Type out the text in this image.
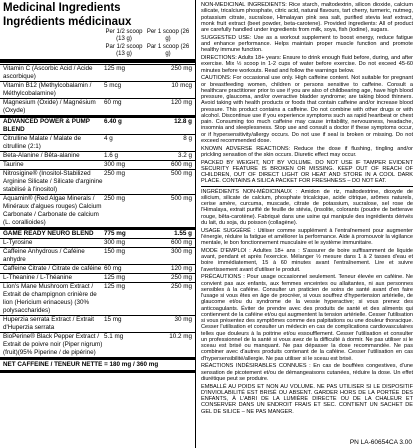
Medicinal Ingredients
Ingrédients médicinaux
Per 1/2 scoop (13 g)
Per 1 scoop (26 g)
Par 1/2 scoop (13 g)
Par 1 scoop (26 g)
Vitamin C (Ascorbic Acid / Acide ascorbique)
125 mg	250 mg
Vitamin B12 (Methylcobalamin / Méthylcobalamine)
5 mcg	10 mcg
Magnesium (Oxide) / Magnésium (Oxyde)
60 mg	120 mg
ADVANCED POWER & PUMP BLEND
6.40 g	12.8 g
Citrulline Malate / Malate de citrulline (2:1)
4 g	8 g
Beta-Alanine / Bêta-alanine	1.6 g	3.2 g
Taurine	300 mg	600 mg
Nitrosigine® (Inositol-Stabilized Arginine Silicate / Silicate d'arginine stabilisé à l'inositol)
250 mg	500 mg
Aquamin® (Red Algae Minerals / Minéraux d'algues rouges) Calcium Carbonate / Carbonate de calcium (L. corallioides)
250 mg	500 mg
GAME READY NEURO BLEND	775 mg	1.55 g
L-Tyrosine	300 mg	600 mg
Caffeine Anhydrous / Caféine anhydre
150 mg	300 mg
Caffeine Citrate / Citrate de caféine 60 mg	120 mg
L-Theanine / L-Théanine	125 mg	250 mg
Lion's Mane Mushroom Extract / Extrait de champignon crinière de lion (Hericium erinaceus) (30% polysaccharides)
125 mg	250 mg
Huperzia serrata Extract / Extrait d'Huperzia serrata
15 mg	30 mg
BioPerine® Black Pepper Extract / Extrait de poivre noir (Piper nigrum)(fruit)(95% Piperine / de pipérine)
5.1 mg	10.2 mg
NET CAFFEINE / TENEUR NETTE = 180 mg / 360 mg
NON-MEDICINAL INGREDIENTS: Rice starch, maltodextrin, silicon dioxide, calcium silicate, tricalcium phosphate, citric acid, natural flavours, tart cherry, turmeric, nutmeg, potassium citrate, sucralose, Himalayan pink sea salt, purified stevia leaf extract, monk fruit extract (beet powder, beta-carotene). Provided ingredients: All of product are carefully handled under ingredients from milk, soya, fish (iodine), sugars.
SUGGESTED USE: Use as a workout supplement to boost energy, reduce fatigue and enhance performance. Helps maintain proper muscle function and promote healthy immune function.
DIRECTIONS: Adults 18+ years: Ensure to drink enough fluid before, during, and after exercise. Mix ½ scoop in 1-2 cups of water before exercise. Do not exceed 45-60 minutes before workouts. Read and follow the warnings below.
CAUTIONS: For occasional use only. High caffeine content. Not suitable for pregnant or breastfeeding women, children or persons sensitive to caffeine. Consult a healthcare practitioner prior to use if you are also of childbearing age, have high blood pressure, glaucoma, and/or overactive bladder syndrome; are taking blood thinners. Avoid taking with health products or foods that contain caffeine and/or increase blood pressure. This product contains a caffeine. Do not combine with other drugs or with alcohol. Discontinue use if you experience symptoms such as rapid heartbeat or chest pain. Consuming too much caffeine may cause irritability, nervousness, headache, insomnia and sleeplessness. Stop use and consult a doctor if these symptoms occur, or if hypersensitivity/allergy occurs. Do not use if seal is broken or missing. Do not exceed recommended dose.
KNOWN ADVERSE REACTIONS: Reduce the dose if flushing, tingling and/or prickling sensation of the skin occurs. Diuretic effect may occur.
PACKED BY WEIGHT, NOT BY VOLUME. DO NOT USE IF TAMPER EVIDENT SECURITY FEATURE IS BROKEN OR MISSING. KEEP OUT OF REACH OF CHILDREN, OUT OF DIRECT LIGHT OR HEAT AND STORE IN A COOL DARK PLACE. CONTAINS A SILICA PACKET FOR FRESHNESS – DO NOT EAT.
INGRÉDIENTS NON-MÉDICINAUX : Amidon de riz, maltodextrine, dioxyde de silicium, silicate de calcium, phosphate tricalcique, acide citrique, arômes naturels, cerise amère, curcuma, muscade, citrate de potassium, sucralose, sel rose de l'Himalaya, extrait purifié de feuille de stévia, (insolite, colorants (poudre de betterave rouge, bêta-carotène). Fabriqué dans une usine qui manipule des ingrédients dérivés du lait, du soja, du poisson (collagène).
USAGE SUGGÉRÉ : Utiliser comme supplément à l'entraînement pour augmenter l'énergie, réduire la fatigue et améliorer la performance. Aide à promouvoir la vigilance mentale, le bon fonctionnement musculaire et le système immunitaire.
MODE D'EMPLOI : Adultes 18+ ans : S'assurer de boire suffisamment de liquide avant, pendant et après l'exercice. Mélanger ½ mesure dans 1 à 2 tasses d'eau et boire immédiatement, 15 à 60 minutes avant l'entraînement. Lire et suivre l'avertissement avant d'utiliser le produit.
PRÉCAUTIONS : Pour usage occasionnel seulement. Teneur élevée en caféine. Ne convient pas aux enfants, aux femmes enceintes ou allaitantes, ni aux personnes sensibles à la caféine. Consulter un praticien de soins de santé avant d'en faire l'usage si vous êtes en âge de procréer, si vous souffrez d'hypertension artérielle, de glaucome et/ou du syndrome de la vessie hyperactive; si vous prenez des anticoagulants. Éviter de prendre avec des produits de santé et des aliments qui contiennent de la caféine et/ou qui augmentent la tension artérielle. Cesser l'utilisation si vous présentez des symptômes comme des palpitations ou une douleur thoracique. Cesser l'utilisation et consulter un médecin en cas de complications cardiovasculaires telles que douleurs à la poitrine et/ou essoufflement. Cesser l'utilisation et consulter un professionnel de la santé si vous avez de la difficulté à dormir. Ne pas utiliser si le sceau est brisé ou manquant. Ne pas dépasser la dose recommandée. Ne pas combiner avec d'autres produits contenant de la caféine. Cesser l'utilisation en cas d'hypersensibilité/allergie. Ne pas utiliser si le sceau est brisé.
RÉACTIONS INDÉSIRABLES CONNUES : En cas de bouffées congestives, d'une sensation de picotement et/ou de démangeaisons cutanées, réduire la dose. Un effet diurétique peut se produire.
EMBALLÉ AU POIDS ET NON AU VOLUME. NE PAS UTILISER SI LE DISPOSITIF D'INVIOLABILITÉ EST BRISÉ OU ABSENT. GARDER HORS DE LA PORTÉE DES ENFANTS, À L'ABRI DE LA LUMIÈRE DIRECTE OU DE LA CHALEUR ET CONSERVER DANS UN ENDROIT FRAIS ET SEC. CONTIENT UN SACHET DE GEL DE SILICE – NE PAS MANGER.
PN LA-60654CA 3.00
